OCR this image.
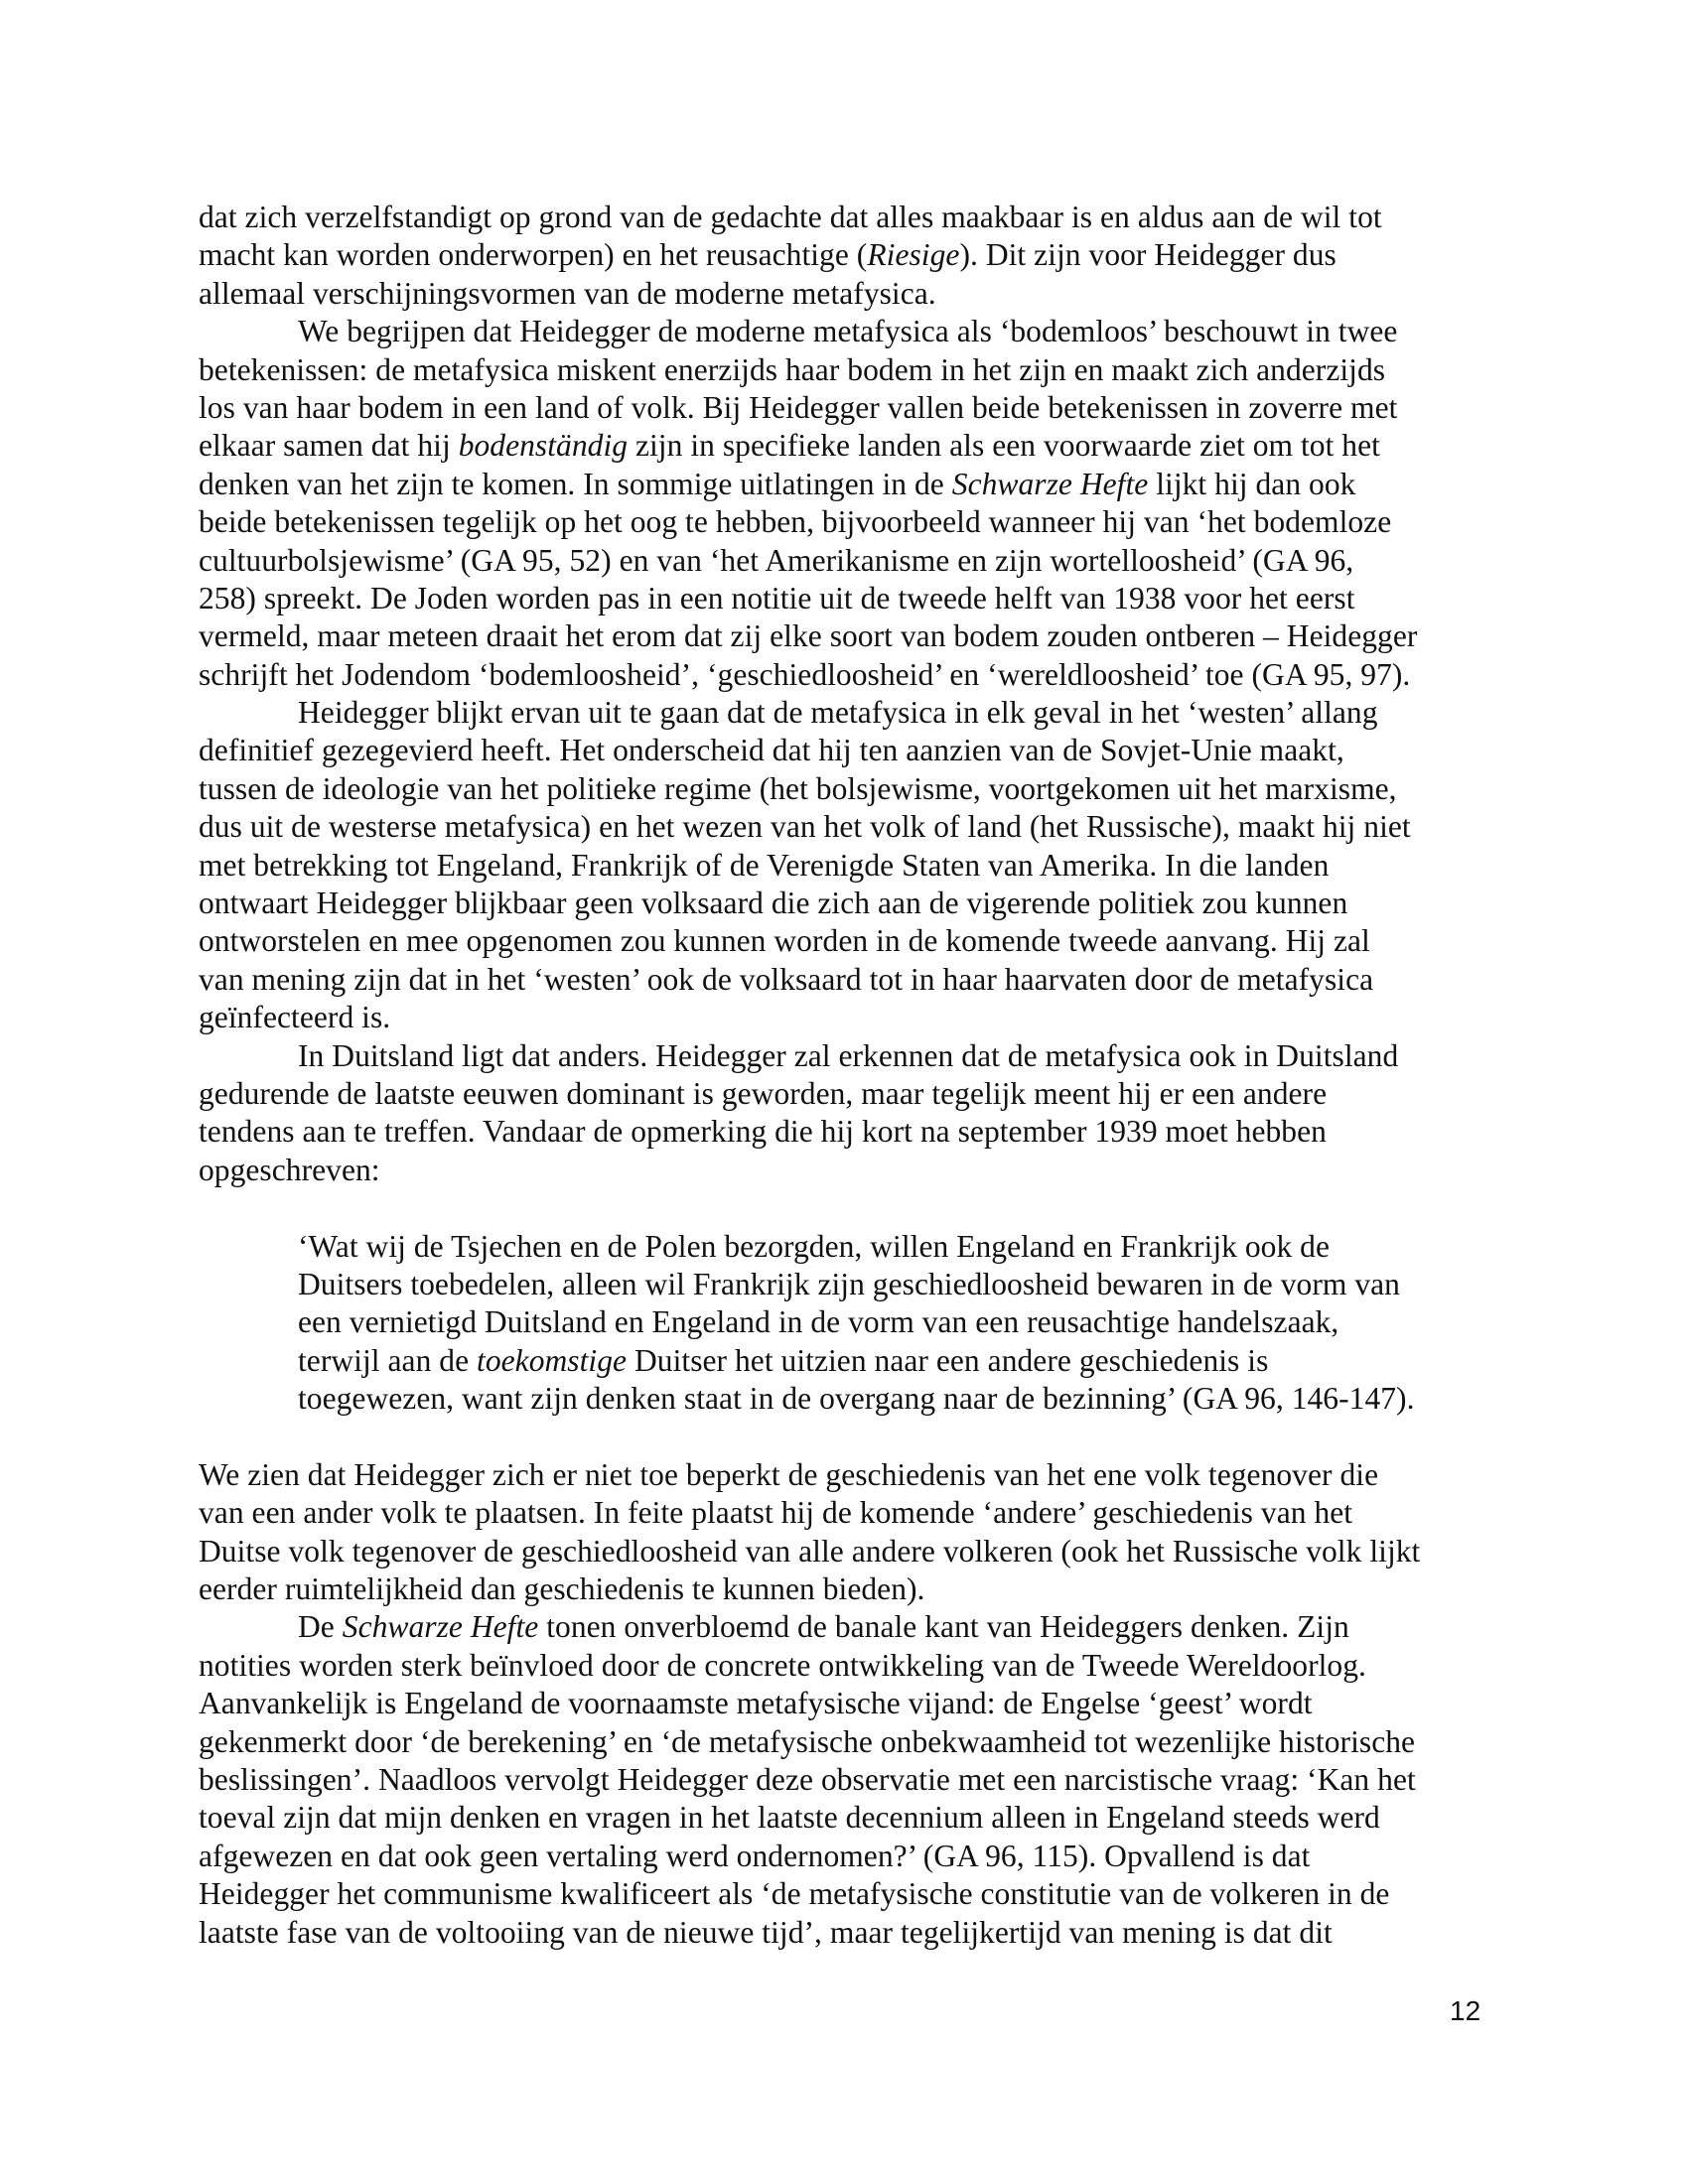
dat zich verzelfstandigt op grond van de gedachte dat alles maakbaar is en aldus aan de wil tot
macht kan worden onderworpen) en het reusachtige (Riesige). Dit zijn voor Heidegger dus
allemaal verschijningsvormen van de moderne metafysica.
We begrijpen dat Heidegger de moderne metafysica als ‘bodemloos’ beschouwt in twee
betekenissen: de metafysica miskent enerzijds haar bodem in het zijn en maakt zich anderzijds
los van haar bodem in een land of volk. Bij Heidegger vallen beide betekenissen in zoverre met
elkaar samen dat hij bodenständig zijn in specifieke landen als een voorwaarde ziet om tot het
denken van het zijn te komen. In sommige uitlatingen in de Schwarze Hefte lijkt hij dan ook
beide betekenissen tegelijk op het oog te hebben, bijvoorbeeld wanneer hij van ‘het bodemloze
cultuurbolsjewisme’ (GA 95, 52) en van ‘het Amerikanisme en zijn wortelloosheid’ (GA 96,
258) spreekt. De Joden worden pas in een notitie uit de tweede helft van 1938 voor het eerst
vermeld, maar meteen draait het erom dat zij elke soort van bodem zouden ontberen – Heidegger
schrijft het Jodendom ‘bodemloosheid’, ‘geschiedloosheid’ en ‘wereldloosheid’ toe (GA 95, 97).
Heidegger blijkt ervan uit te gaan dat de metafysica in elk geval in het ‘westen’ allang
definitief gezegevierd heeft. Het onderscheid dat hij ten aanzien van de Sovjet-Unie maakt,
tussen de ideologie van het politieke regime (het bolsjewisme, voortgekomen uit het marxisme,
dus uit de westerse metafysica) en het wezen van het volk of land (het Russische), maakt hij niet
met betrekking tot Engeland, Frankrijk of de Verenigde Staten van Amerika. In die landen
ontwaart Heidegger blijkbaar geen volksaard die zich aan de vigerende politiek zou kunnen
ontworstelen en mee opgenomen zou kunnen worden in de komende tweede aanvang. Hij zal
van mening zijn dat in het ‘westen’ ook de volksaard tot in haar haarvaten door de metafysica
geïnfecteerd is.
In Duitsland ligt dat anders. Heidegger zal erkennen dat de metafysica ook in Duitsland
gedurende de laatste eeuwen dominant is geworden, maar tegelijk meent hij er een andere
tendens aan te treffen. Vandaar de opmerking die hij kort na september 1939 moet hebben
opgeschreven:
‘Wat wij de Tsjechen en de Polen bezorgden, willen Engeland en Frankrijk ook de
Duitsers toebedelen, alleen wil Frankrijk zijn geschiedloosheid bewaren in de vorm van
een vernietigd Duitsland en Engeland in de vorm van een reusachtige handelszaak,
terwijl aan de toekomstige Duitser het uitzien naar een andere geschiedenis is
toegewezen, want zijn denken staat in de overgang naar de bezinning’ (GA 96, 146-147).
We zien dat Heidegger zich er niet toe beperkt de geschiedenis van het ene volk tegenover die
van een ander volk te plaatsen. In feite plaatst hij de komende ‘andere’ geschiedenis van het
Duitse volk tegenover de geschiedloosheid van alle andere volkeren (ook het Russische volk lijkt
eerder ruimtelijkheid dan geschiedenis te kunnen bieden).
De Schwarze Hefte tonen onverbloemd de banale kant van Heideggers denken. Zijn
notities worden sterk beïnvloed door de concrete ontwikkeling van de Tweede Wereldoorlog.
Aanvankelijk is Engeland de voornaamste metafysische vijand: de Engelse ‘geest’ wordt
gekenmerkt door ‘de berekening’ en ‘de metafysische onbekwaamheid tot wezenlijke historische
beslissingen’. Naadloos vervolgt Heidegger deze observatie met een narcistische vraag: ‘Kan het
toeval zijn dat mijn denken en vragen in het laatste decennium alleen in Engeland steeds werd
afgewezen en dat ook geen vertaling werd ondernomen?’ (GA 96, 115). Opvallend is dat
Heidegger het communisme kwalificeert als ‘de metafysische constitutie van de volkeren in de
laatste fase van de voltooiing van de nieuwe tijd’, maar tegelijkertijd van mening is dat dit
12
